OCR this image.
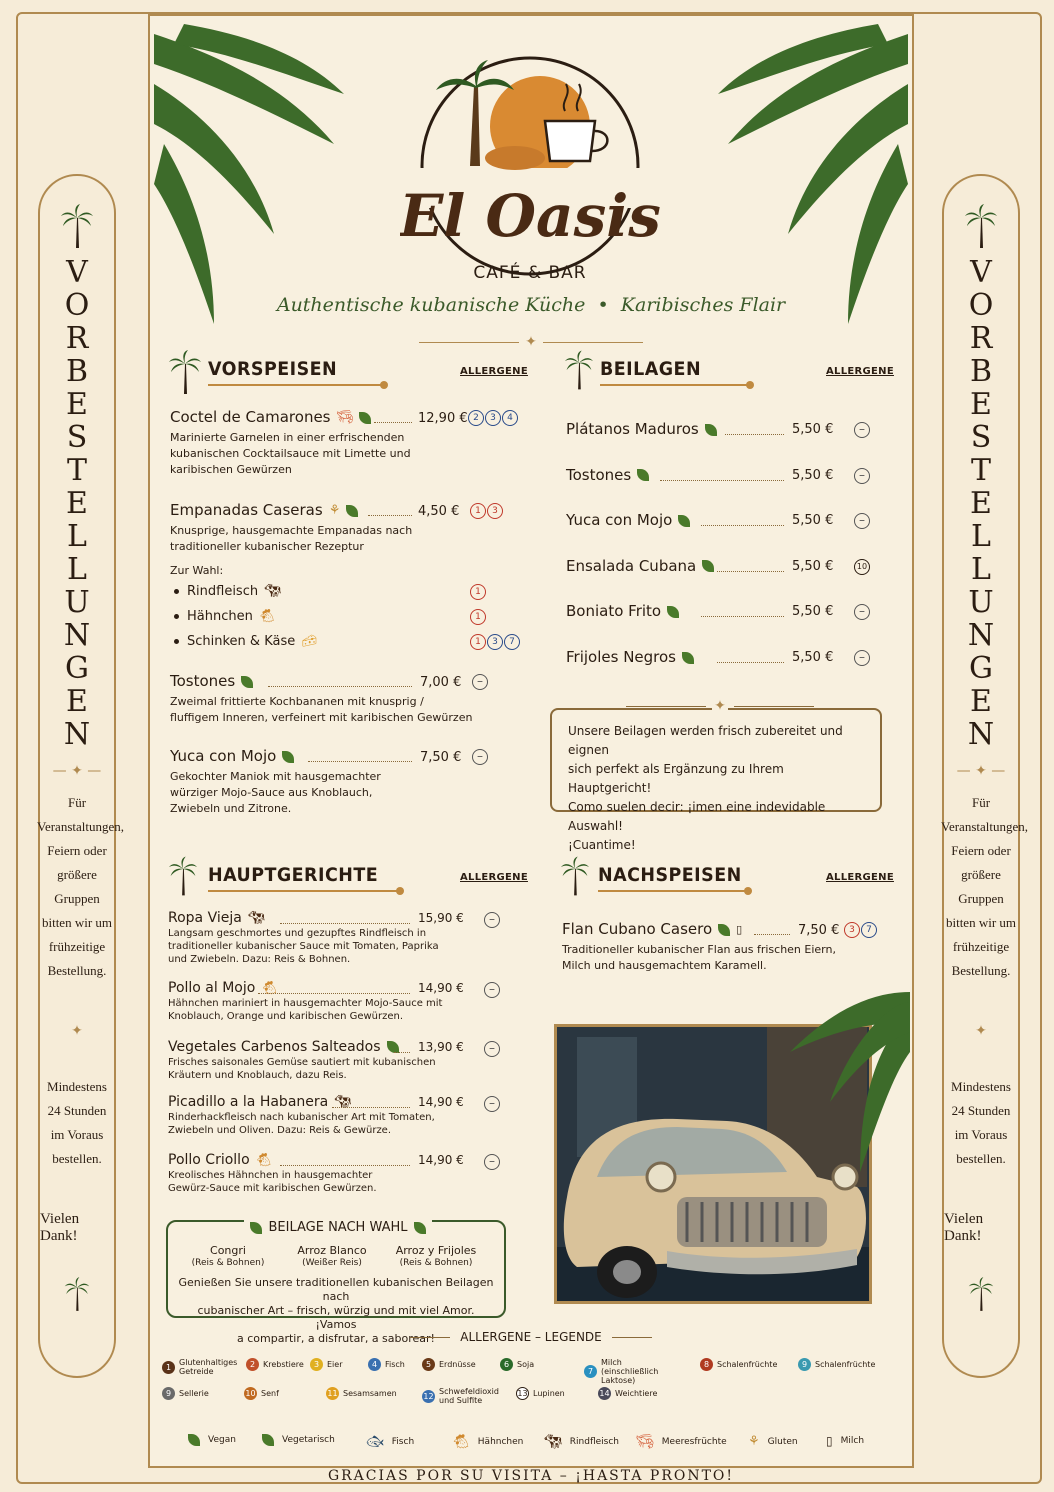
V
O
R
B
E
S
T
E
L
L
U
N
G
E
N
— ✦ —
Für
Veranstaltungen,
Feiern oder
größere Gruppen
bitten wir um
frühzeitige
Bestellung.
✦
Mindestens
24 Stunden
im Voraus
bestellen.
Vielen Dank!
V
O
R
B
E
S
T
E
L
L
U
N
G
E
N
— ✦ —
Für
Veranstaltungen,
Feiern oder
größere Gruppen
bitten wir um
frühzeitige
Bestellung.
✦
Mindestens
24 Stunden
im Voraus
bestellen.
Vielen Dank!
El Oasis
CAFÉ & BAR
Authentische kubanische Küche • Karibisches Flair
✦
VORSPEISEN	ALLERGENE
Coctel de Camarones 🦐︎
Marinierte Garnelen in einer erfrischenden
kubanischen Cocktailsauce mit Limette und
karibischen Gewürzen
12,90 € 2	3	4
Empanadas Caseras ⚘
Knusprige, hausgemachte Empanadas nach
traditioneller kubanischer Rezeptur
4,50 €	1	3
Zur Wahl:
Rindfleisch 🐄︎	1
Hähnchen 🐔︎	1
Schinken & Käse 🧀︎	1	3	7
Tostones
Zweimal frittierte Kochbananen mit knusprig /
fluffigem Inneren, verfeinert mit karibischen Gewürzen
7,00 €	–
Yuca con Mojo
Gekochter Maniok mit hausgemachter
würziger Mojo-Sauce aus Knoblauch,
Zwiebeln und Zitrone.
7,50 €	–
BEILAGEN	ALLERGENE
Plátanos Maduros	5,50 €	–
Tostones	5,50 €	–
Yuca con Mojo	5,50 €	–
Ensalada Cubana	5,50 €	10
Boniato Frito	5,50 €	–
Frijoles Negros	5,50 €	–
Unsere Beilagen werden frisch zubereitet und eignen
sich perfekt als Ergänzung zu Ihrem Hauptgericht!
Como suelen decir: ¡imen eine indevidable Auswahl!
¡Cuantime!
✦
HAUPTGERICHTE	ALLERGENE
Ropa Vieja 🐄︎
Langsam geschmortes und gezupftes Rindfleisch in
traditioneller kubanischer Sauce mit Tomaten, Paprika
und Zwiebeln. Dazu: Reis & Bohnen.
15,90 €	–
Pollo al Mojo 🐔︎
Hähnchen mariniert in hausgemachter Mojo-Sauce mit
Knoblauch, Orange und karibischen Gewürzen.
14,90 €	–
Vegetales Carbenos Salteados
Frisches saisonales Gemüse sautiert mit kubanischen
Kräutern und Knoblauch, dazu Reis.
13,90 €	–
Picadillo a la Habanera 🐄︎
Rinderhackfleisch nach kubanischer Art mit Tomaten,
Zwiebeln und Oliven. Dazu: Reis & Gewürze.
14,90 €	–
Pollo Criollo 🐔︎
Kreolisches Hähnchen in hausgemachter
Gewürz-Sauce mit karibischen Gewürzen.
14,90 €	–
BEILAGE NACH WAHL
Congri
(Reis & Bohnen)
Arroz Blanco
(Weißer Reis)
Arroz y Frijoles
(Reis & Bohnen)
Genießen Sie unsere traditionellen kubanischen Beilagen nach
cubanischer Art – frisch, würzig und mit viel Amor. ¡Vamos
a compartir, a disfrutar, a saborear!
NACHSPEISEN	ALLERGENE
Flan Cubano Casero ▯
Traditioneller kubanischer Flan aus frischen Eiern,
Milch und hausgemachtem Karamell.
7,50 €	3	7
ALLERGENE – LEGENDE
1 Glutenhaltiges Getreide
2 Krebstiere	3 Eier	4 Fisch	5 Erdnüsse	6 Soja
7
Milch (einschließlich Laktose)
8 Schalenfrüchte	9 Schalenfrüchte
9 Sellerie	10 Senf	11 Sesamsamen	12 Schwefeldioxid und Sulfite
13 Lupinen	14 Weichtiere
Vegan	Vegetarisch 🐟︎ Fisch	🐔︎ Hähnchen 🐄︎ Rindfleisch 🦐︎ Meeresfrüchte ⚘ Gluten ▯ Milch
GRACIAS POR SU VISITA – ¡HASTA PRONTO!
